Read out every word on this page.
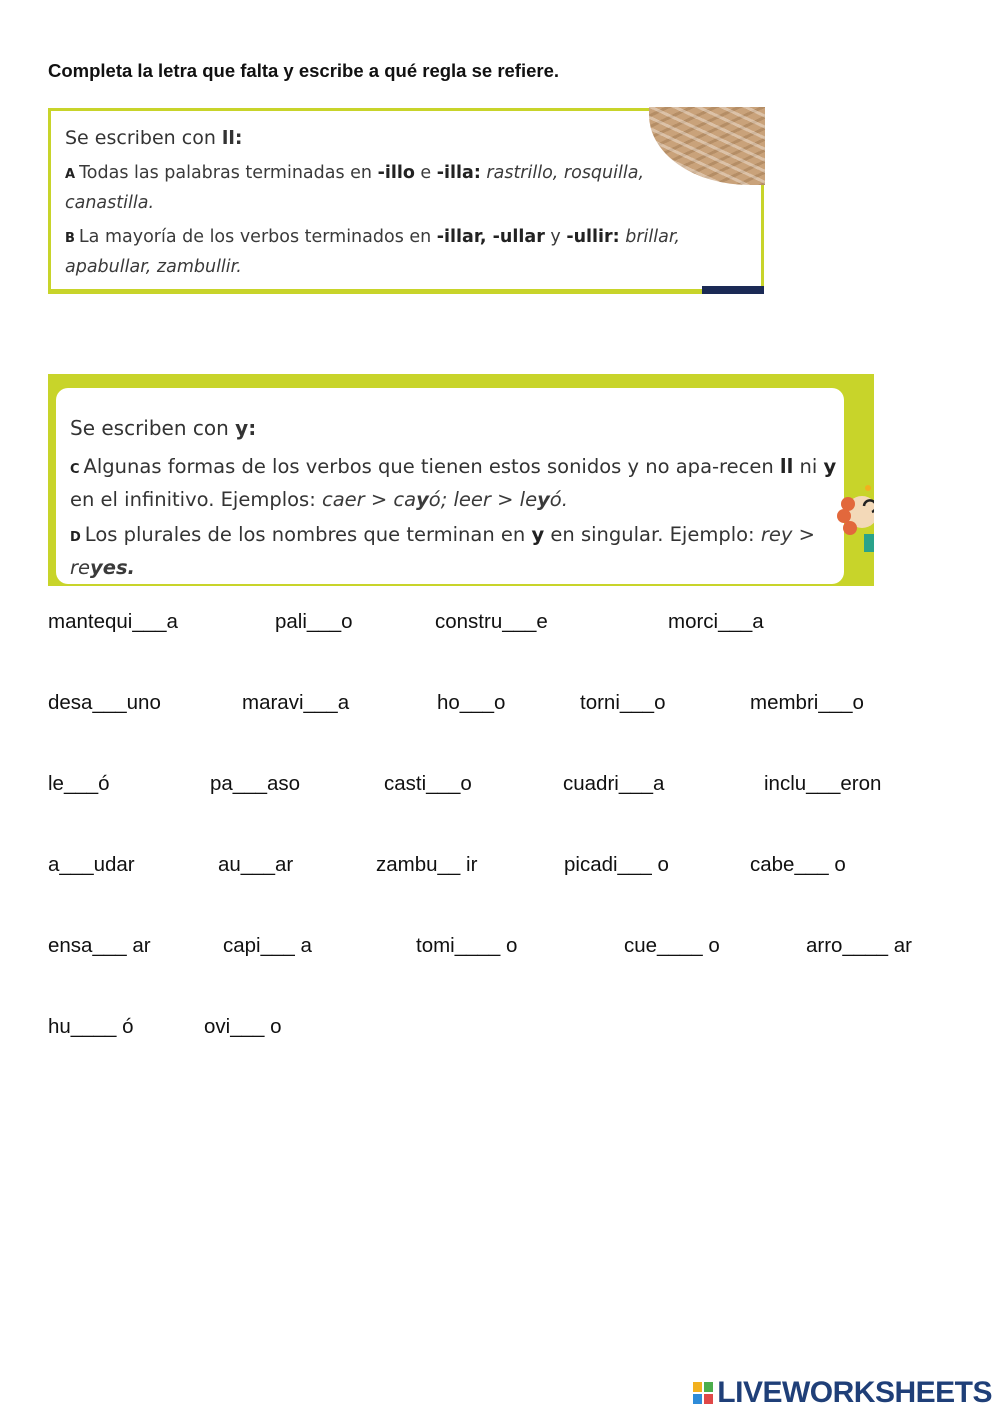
Completa la letra que falta y escribe a qué regla se refiere.
Se escriben con ll:
A Todas las palabras terminadas en -illo e -illa: rastrillo, rosquilla, canastilla.
B La mayoría de los verbos terminados en -illar, -ullar y -ullir: brillar, apabullar, zambullir.
Se escriben con y:
C Algunas formas de los verbos que tienen estos sonidos y no apa-recen ll ni y en el infinitivo. Ejemplos: caer > cayó; leer > leyó.
D Los plurales de los nombres que terminan en y en singular. Ejemplo: rey > reyes.
mantequi___a	pali___o	constru___e	morci___a
desa___uno	maravi___a	ho___o	torni___o	membri___o
le___ó	pa___aso	casti___o	cuadri___a	inclu___eron
a___udar	au___ar	zambu__ ir	picadi___ o	cabe___ o
ensa___ ar	capi___ a	tomi____ o	cue____ o	arro____ ar
hu____ ó	ovi___ o
LIVEWORKSHEETS
